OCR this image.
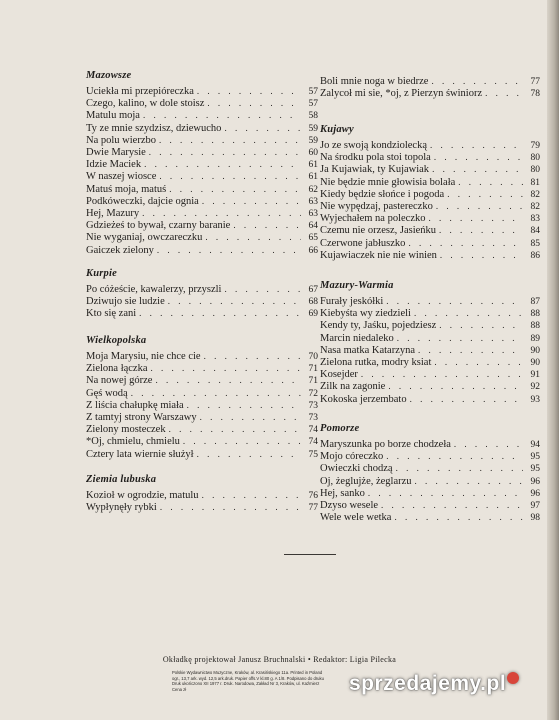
Mazowsze
Uciekła mi przepióreczka . . .	57
Czego, kalino, w dole stoisz . . .	57
Matulu moja . . .	58
Ty ze mnie szydzisz, dziewucho . . .	59
Na polu wierzbo . . .	59
Dwie Marysie . . .	60
Idzie Maciek . . .	61
W naszej wiosce . . .	61
Matuś moja, matuś . . .	62
Podkóweczki, dajcie ognia . . .	63
Hej, Mazury . . .	63
Gdzieżeś to bywał, czarny baranie . . .	64
Nie wyganiaj, owczareczku . . .	65
Gaiczek zielony . . .	66
Kurpie
Po cóżeście, kawalerzy, przyszli . . .	67
Dziwujo sie ludzie . . .	68
Kto się zani . . .	69
Wielkopolska
Moja Marysiu, nie chce cie . . .	70
Zielona łączka . . .	71
Na nowej górze . . .	71
Gęś wodą . . .	72
Z liścia chałupkę miała . . .	73
Z tamtyj strony Warszawy . . .	73
Zielony mosteczek . . .	74
*Oj, chmielu, chmielu . . .	74
Cztery lata wiernie służył . . .	75
Ziemia lubuska
Kozioł w ogrodzie, matulu . . .	76
Wypłynęły rybki . . .	77
Boli mnie noga w biedrze . . .	77
Zalycoł mi sie, *oj, z Pierzyn świniorz . . .	78
Kujawy
Jo ze swoją kondziolecką . . .	79
Na środku pola stoi topola . . .	80
Ja Kujawiak, ty Kujawiak . . .	80
Nie będzie mnie głowisia bolała . . .	81
Kiedy będzie słońce i pogoda . . .	82
Nie wypędzaj, pastereczko . . .	82
Wyjechałem na poleczko . . .	83
Czemu nie orzesz, Jasieńku . . .	84
Czerwone jabłuszko . . .	85
Kujawiaczek nie nie winien . . .	86
Mazury-Warmia
Furały jeskółki . . .	87
Kiebyśta wy ziedzieli . . .	88
Kendy ty, Jaśku, pojedziesz . . .	88
Marcin niedaleko . . .	89
Nasa matka Katarzyna . . .	90
Zielona rutka, modry ksiat . . .	90
Kosejder . . .	91
Zilk na zagonie . . .	92
Kokoska jerzembato . . .	93
Pomorze
Maryszunka po borze chodzeła . . .	94
Mojo córeczko . . .	95
Owieczki chodzą . . .	95
Oj, żeglujże, żeglarzu . . .	96
Hej, sanko . . .	96
Dzyso wesele . . .	97
Wele wele wetka . . .	98
Okładkę projektował Janusz Bruchnalski • Redaktor: Ligia Pilecka
Polskie Wydawnictwo Muzyczne, Kraków, al. Krasińskiego 11a. Printed in Poland
ogr., 13,7 ark. wyd. 12,5 ark.druk. Papier offs.V kl.80 g. A 1/8. Podpisano do druku
Druk ukończono XII 1977 r. Druk. Narodowa, Zakład Nr 3, Kraków, ul. Kaźmierz
Cena zł	sprzedajemy.pl
